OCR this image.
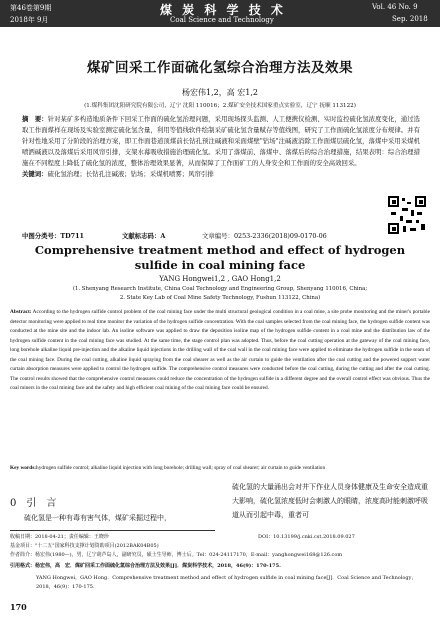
第46卷第9期
2018年 9月
煤 炭 科 学 技 术
Coal Science and Technology
Vol. 46 No. 9
Sep. 2018
煤矿回采工作面硫化氢综合治理方法及效果
杨宏伟1,2，高 宏1,2
(1.煤科集团沈阳研究院有限公司，辽宁 沈阳 110016；2.煤矿安全技术国家重点实验室，辽宁 抚顺 113122)
摘　要：针对某矿多构造地质条件下回采工作面的硫化氢治理问题，采用现场探头监测、人工便携仪检测、实时监控硫化氢浓度变化，通过选取工作面煤样在现场及实验室测定硫化氢含量，利用等值线软件绘制采矿硫化氢含量赋存等值线图，研究了工作面硫化氢浓度分布规律。并有针对性地采用了分阶段的治理方案，即工作面巷道顶煤前长钻孔预注碱液和采面煤壁"钻场"注碱液消除工作面煤层硫化氢，落煤中采用采煤机喷洒碱液以及落煤后采用风帘引排，支架水幕吸收措施治理硫化氢。采用了落煤前、落煤中、落煤后的综合治理措施，结果表明：综合治理措施在不同程度上降低了硫化氢的浓度，整体治理效果显著，从而保障了工作面矿工的人身安全和工作面的安全高效回采。
关键词：硫化氢治理；长钻孔注碱液；钻场；采煤机喷雾；风帘引排
中图分类号：TD711	文献标志码：A	文章编号：0253-2336(2018)09-0170-06
Comprehensive treatment method and effect of hydrogen
sulfide in coal mining face
YANG Hongwei1,2 , GAO Hong1,2
(1. Shenyang Research Institute, China Coal Technology and Engineering Group, Shenyang 110016, China;
2. State Key Lab of Coal Mine Safety Technology, Fushun 113122, China)
Abstract: According to the hydrogen sulfide control problem of the coal mining face under the multi structural geological condition in a coal mine, a site probe monitoring and the miner's portable detector monitoring were applied to real time monitor the variation of the hydrogen sulfide concentration. With the coal samples selected from the coal mining face, the hydrogen sulfide content was conducted at the mine site and the indoor lab. An isoline software was applied to draw the deposition isoline map of the hydrogen sulfide content in a coal mine and the distribution law of the hydrogen sulfide content in the coal mining face was studied. At the same time, the stage control plan was adopted. Thus, before the coal cutting operation at the gateway of the coal mining face, long borehole alkaline liquid pre-injection and the alkaline liquid injections in the drilling wall of the coal wall in the coal mining face were applied to eliminate the hydrogen sulfide in the seam of the coal mining face. During the coal cutting, alkaline liquid spraying from the coal shearer as well as the air curtain to guide the ventilation after the coal cutting and the powered support water curtain absorption measures were applied to control the hydrogen sulfide. The comprehensive control measures were conducted before the coal cutting, during the cutting and after the coal cutting. The control results showed that the comprehensive control measures could reduce the concentration of the hydrogen sulfide in a different degree and the overall control effect was obvious. Thus the coal miners in the coal mining face and the safety and high efficient coal mining of the coal mining face could be ensured.
Key words:hydrogen sulfide control; alkaline liquid injection with long borehole; drilling wall; spray of coal shearer; air curtain to guide ventilation
0　引　言
硫化氢是一种有毒有害气体，煤矿采掘过程中，
硫化氢的大量涌出会对井下作业人员身体健康及生命安全造成重大影响，硫化氢浓度低时会刺激人的眼睛，浓度高时能刺激呼吸道从而引起中毒，重者可
收稿日期：2018-04-21；责任编辑：王晓珍	DOI：10.13199/j.cnki.cst.2018.09.027
基金项目："十二五"国家科技支撑计划资助项目(2012BAK04B05)
作者简介：杨宏伟(1980—)，男，辽宁葫芦岛人，副研究员，硕士生导师，博士后。Tel：024-24117170，E-mail：yanghongwei168@126.com
引用格式：杨宏伟，高　宏．煤矿回采工作面硫化氢综合治理方法及效果[J]．煤炭科学技术，2018，46(9)：170-175.
YANG Hongwei，GAO Hong．Comprehensive treatment method and effect of hydrogen sulfide in coal mining face[J]．Coal Science and Technology，
2018，46(9)：170-175.
170
